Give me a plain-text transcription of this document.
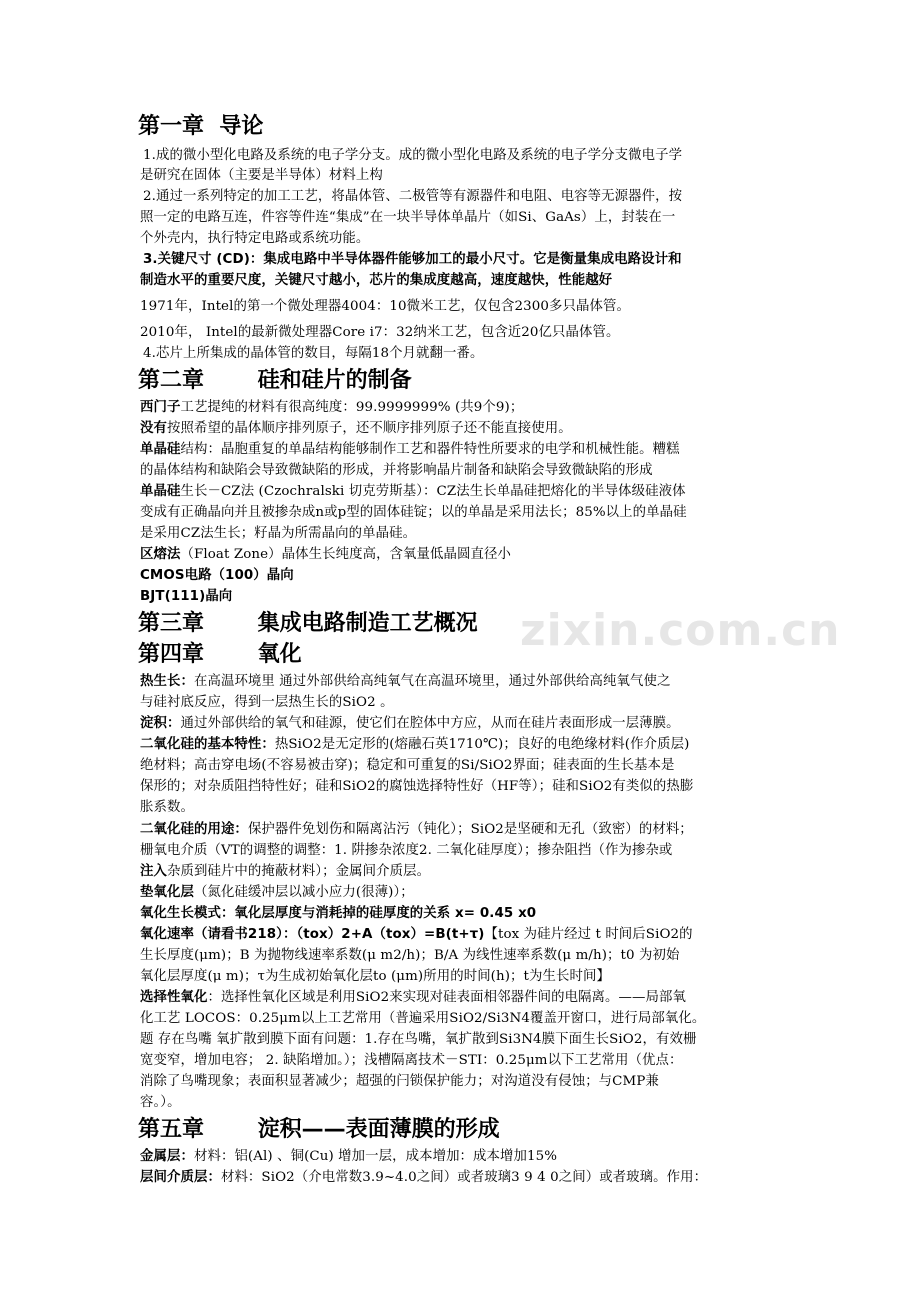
zixin.com.cn
第一章  导论
1.成的微小型化电路及系统的电子学分支。成的微小型化电路及系统的电子学分支微电子学
是研究在固体（主要是半导体）材料上构
2.通过一系列特定的加工工艺，将晶体管、二极管等有源器件和电阻、电容等无源器件，按
照一定的电路互连，件容等件连“集成”在一块半导体单晶片（如Si、GaAs）上，封装在一
个外壳内，执行特定电路或系统功能。
3.关键尺寸 (CD)：集成电路中半导体器件能够加工的最小尺寸。它是衡量集成电路设计和
制造水平的重要尺度，关键尺寸越小，芯片的集成度越高，速度越快，性能越好
1971年，Intel的第一个微处理器4004：10微米工艺，仅包含2300多只晶体管。
2010年， Intel的最新微处理器Core i7：32纳米工艺，包含近20亿只晶体管。
4.芯片上所集成的晶体管的数目，每隔18个月就翻一番。
第二章       硅和硅片的制备
西门子工艺提纯的材料有很高纯度：99.9999999% (共9个9)；
没有按照希望的晶体顺序排列原子，还不顺序排列原子还不能直接使用。
单晶硅结构：晶胞重复的单晶结构能够制作工艺和器件特性所要求的电学和机械性能。糟糕
的晶体结构和缺陷会导致微缺陷的形成，并将影响晶片制备和缺陷会导致微缺陷的形成
单晶硅生长－CZ法 (Czochralski 切克劳斯基）：CZ法生长单晶硅把熔化的半导体级硅液体
变成有正确晶向并且被掺杂成n或p型的固体硅锭；以的单晶是采用法长；85%以上的单晶硅
是采用CZ法生长；籽晶为所需晶向的单晶硅。
区熔法（Float Zone）晶体生长纯度高，含氧量低晶圆直径小
CMOS电路（100）晶向
BJT(111)晶向
第三章       集成电路制造工艺概况
第四章       氧化
热生长：在高温环境里 通过外部供给高纯氧气在高温环境里，通过外部供给高纯氧气使之
与硅衬底反应，得到一层热生长的SiO2 。
淀积：通过外部供给的氧气和硅源，使它们在腔体中方应，从而在硅片表面形成一层薄膜。
二氧化硅的基本特性：热SiO2是无定形的(熔融石英1710℃)；良好的电绝缘材料(作介质层)
绝材料；高击穿电场(不容易被击穿)；稳定和可重复的Si/SiO2界面；硅表面的生长基本是
保形的；对杂质阻挡特性好；硅和SiO2的腐蚀选择特性好（HF等）；硅和SiO2有类似的热膨
胀系数。
二氧化硅的用途：保护器件免划伤和隔离沾污（钝化）；SiO2是坚硬和无孔（致密）的材料；
栅氧电介质（VT的调整的调整：1. 阱掺杂浓度2. 二氧化硅厚度）；掺杂阻挡（作为掺杂或
注入杂质到硅片中的掩蔽材料）；金属间介质层。
垫氧化层（氮化硅缓冲层以减小应力(很薄)）；
氧化生长模式：氧化层厚度与消耗掉的硅厚度的关系 x= 0.45 x0
氧化速率（请看书218）：（tox）2+A（tox）=B(t+τ)【tox 为硅片经过 t 时间后SiO2的
生长厚度(μm)；B 为抛物线速率系数(μ m2/h)；B/A 为线性速率系数(μ m/h)；t0 为初始
氧化层厚度(μ m)；τ为生成初始氧化层to (μm)所用的时间(h)；t为生长时间】
选择性氧化：选择性氧化区域是利用SiO2来实现对硅表面相邻器件间的电隔离。——局部氧
化工艺 LOCOS：0.25μm以上工艺常用（普遍采用SiO2/Si3N4覆盖开窗口，进行局部氧化。
题 存在鸟嘴 氧扩散到膜下面有问题：1.存在鸟嘴，氧扩散到Si3N4膜下面生长SiO2，有效栅
宽变窄，增加电容； 2. 缺陷增加。）；浅槽隔离技术－STI：0.25μm以下工艺常用（优点：
消除了鸟嘴现象；表面积显著减少；超强的闩锁保护能力；对沟道没有侵蚀；与CMP兼
容。）。
第五章       淀积——表面薄膜的形成
金属层：材料：铝(Al) 、铜(Cu) 增加一层，成本增加：成本增加15%
层间介质层：材料：SiO2（介电常数3.9~4.0之间）或者玻璃3 9 4 0之间）或者玻璃。作用：
